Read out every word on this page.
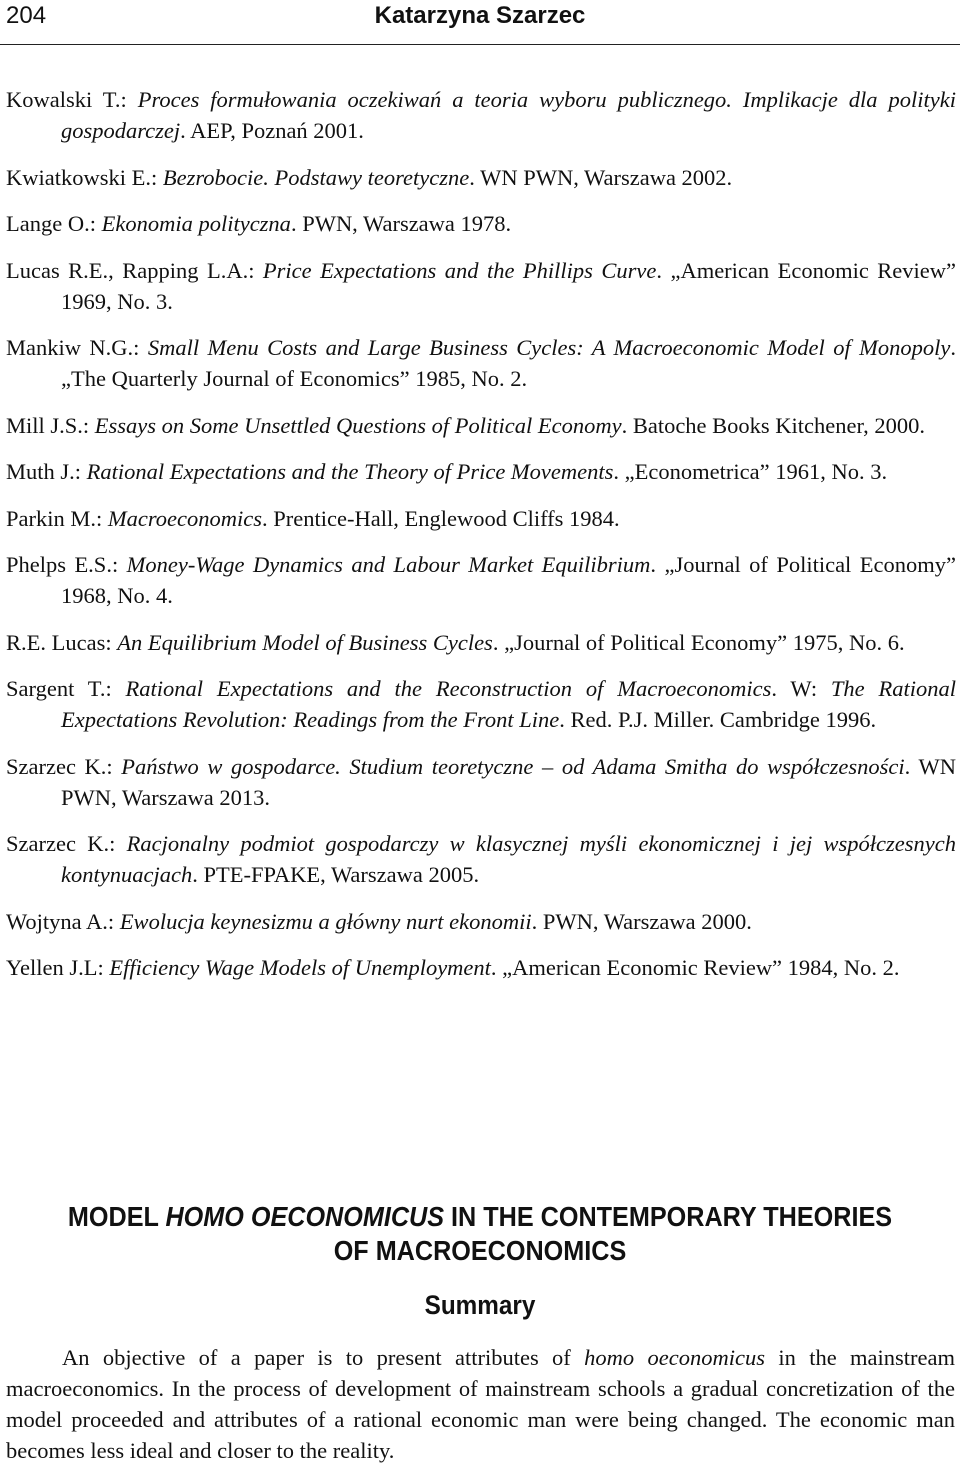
204	Katarzyna Szarzec
Kowalski T.: Proces formułowania oczekiwań a teoria wyboru publicznego. Implikacje dla polityki gospodarczej. AEP, Poznań 2001.
Kwiatkowski E.: Bezrobocie. Podstawy teoretyczne. WN PWN, Warszawa 2002.
Lange O.: Ekonomia polityczna. PWN, Warszawa 1978.
Lucas R.E., Rapping L.A.: Price Expectations and the Phillips Curve. „American Economic Review” 1969, No. 3.
Mankiw N.G.: Small Menu Costs and Large Business Cycles: A Macroeconomic Model of Monopoly. „The Quarterly Journal of Economics” 1985, No. 2.
Mill J.S.: Essays on Some Unsettled Questions of Political Economy. Batoche Books Kitchener, 2000.
Muth J.: Rational Expectations and the Theory of Price Movements. „Econometrica” 1961, No. 3.
Parkin M.: Macroeconomics. Prentice-Hall, Englewood Cliffs 1984.
Phelps E.S.: Money-Wage Dynamics and Labour Market Equilibrium. „Journal of Political Economy” 1968, No. 4.
R.E. Lucas: An Equilibrium Model of Business Cycles. „Journal of Political Economy” 1975, No. 6.
Sargent T.: Rational Expectations and the Reconstruction of Macroeconomics. W: The Rational Expectations Revolution: Readings from the Front Line. Red. P.J. Miller. Cambridge 1996.
Szarzec K.: Państwo w gospodarce. Studium teoretyczne – od Adama Smitha do współczesności. WN PWN, Warszawa 2013.
Szarzec K.: Racjonalny podmiot gospodarczy w klasycznej myśli ekonomicznej i jej współczesnych kontynuacjach. PTE-FPAKE, Warszawa 2005.
Wojtyna A.: Ewolucja keynesizmu a główny nurt ekonomii. PWN, Warszawa 2000.
Yellen J.L: Efficiency Wage Models of Unemployment. „American Economic Review” 1984, No. 2.
MODEL HOMO OECONOMICUS IN THE CONTEMPORARY THEORIES
OF MACROECONOMICS
Summary

An objective of a paper is to present attributes of homo oeconomicus in the mainstream macroeconomics. In the process of development of mainstream schools a gradual concretization of the model proceeded and attributes of a rational economic man were being changed. The economic man becomes less ideal and closer to the reality.
